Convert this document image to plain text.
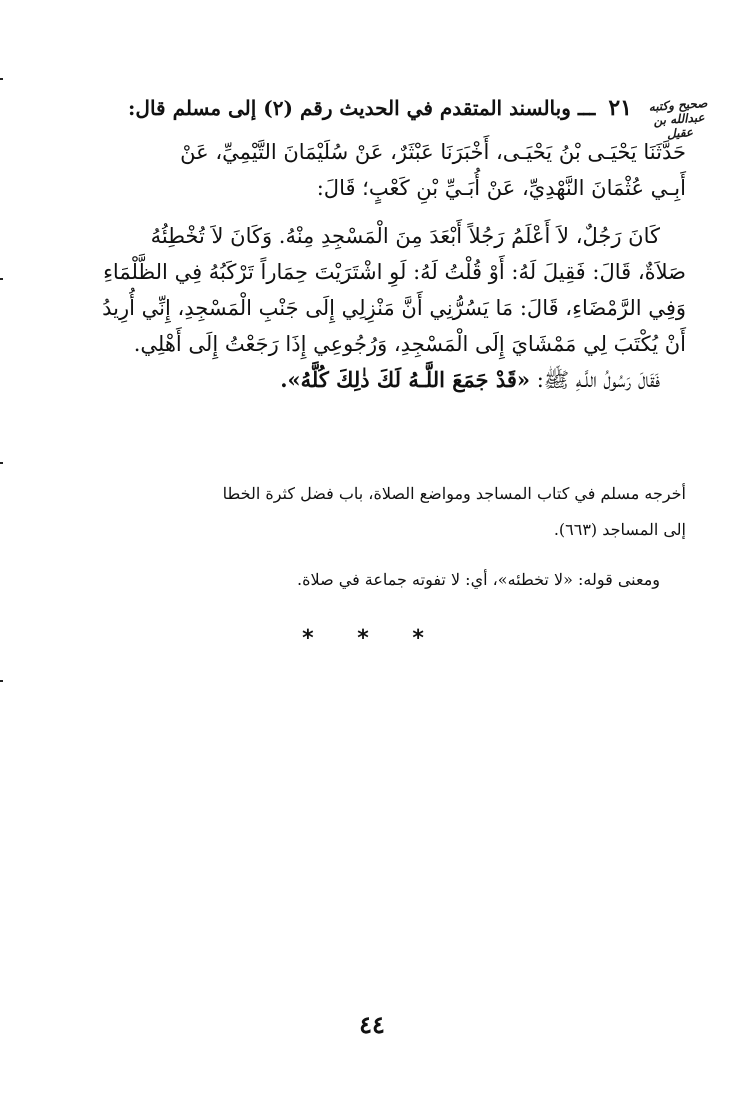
صحيح وكتبه
عبدالله بن عقيل
٢١ ـــ وبالسند المتقدم في الحديث رقم (٢) إلى مسلم قال:

حَدَّثَنَا يَحْيَـى بْنُ يَحْيَـى، أَخْبَرَنَا عَبْثَرٌ، عَنْ سُلَيْمَانَ التَّيْمِيِّ، عَنْ

أَبِـي عُثْمَانَ النَّهْدِيِّ، عَنْ أُبَـيِّ بْنِ كَعْبٍ؛ قَالَ:

كَانَ رَجُلٌ، لاَ أَعْلَمُ رَجُلاً أَبْعَدَ مِنَ الْمَسْجِدِ مِنْهُ. وَكَانَ لاَ تُخْطِئُهُ

صَلاَةٌ، قَالَ: فَقِيلَ لَهُ: أَوْ قُلْتُ لَهُ: لَوِ اشْتَرَيْتَ حِمَاراً تَرْكَبُهُ فِي الظَّلْمَاءِ

وَفِي الرَّمْضَاءِ، قَالَ: مَا يَسُرُّنِي أَنَّ مَنْزِلِي إِلَى جَنْبِ الْمَسْجِدِ، إِنِّي أُرِيدُ

أَنْ يُكْتَبَ لِي مَمْشَايَ إِلَى الْمَسْجِدِ، وَرُجُوعِي إِذَا رَجَعْتُ إِلَى أَهْلِي.

فَقَالَ رَسُولُ اللَّـهِ ﷺ: «قَدْ جَمَعَ اللَّـهُ لَكَ ذٰلِكَ كُلَّهُ».

أخرجه مسلم في كتاب المساجد ومواضع الصلاة، باب فضل كثرة الخطا

إلى المساجد (٦٦٣).

ومعنى قوله: «لا تخطئه»، أي: لا تفوته جماعة في صلاة.

* * *
٤٤
